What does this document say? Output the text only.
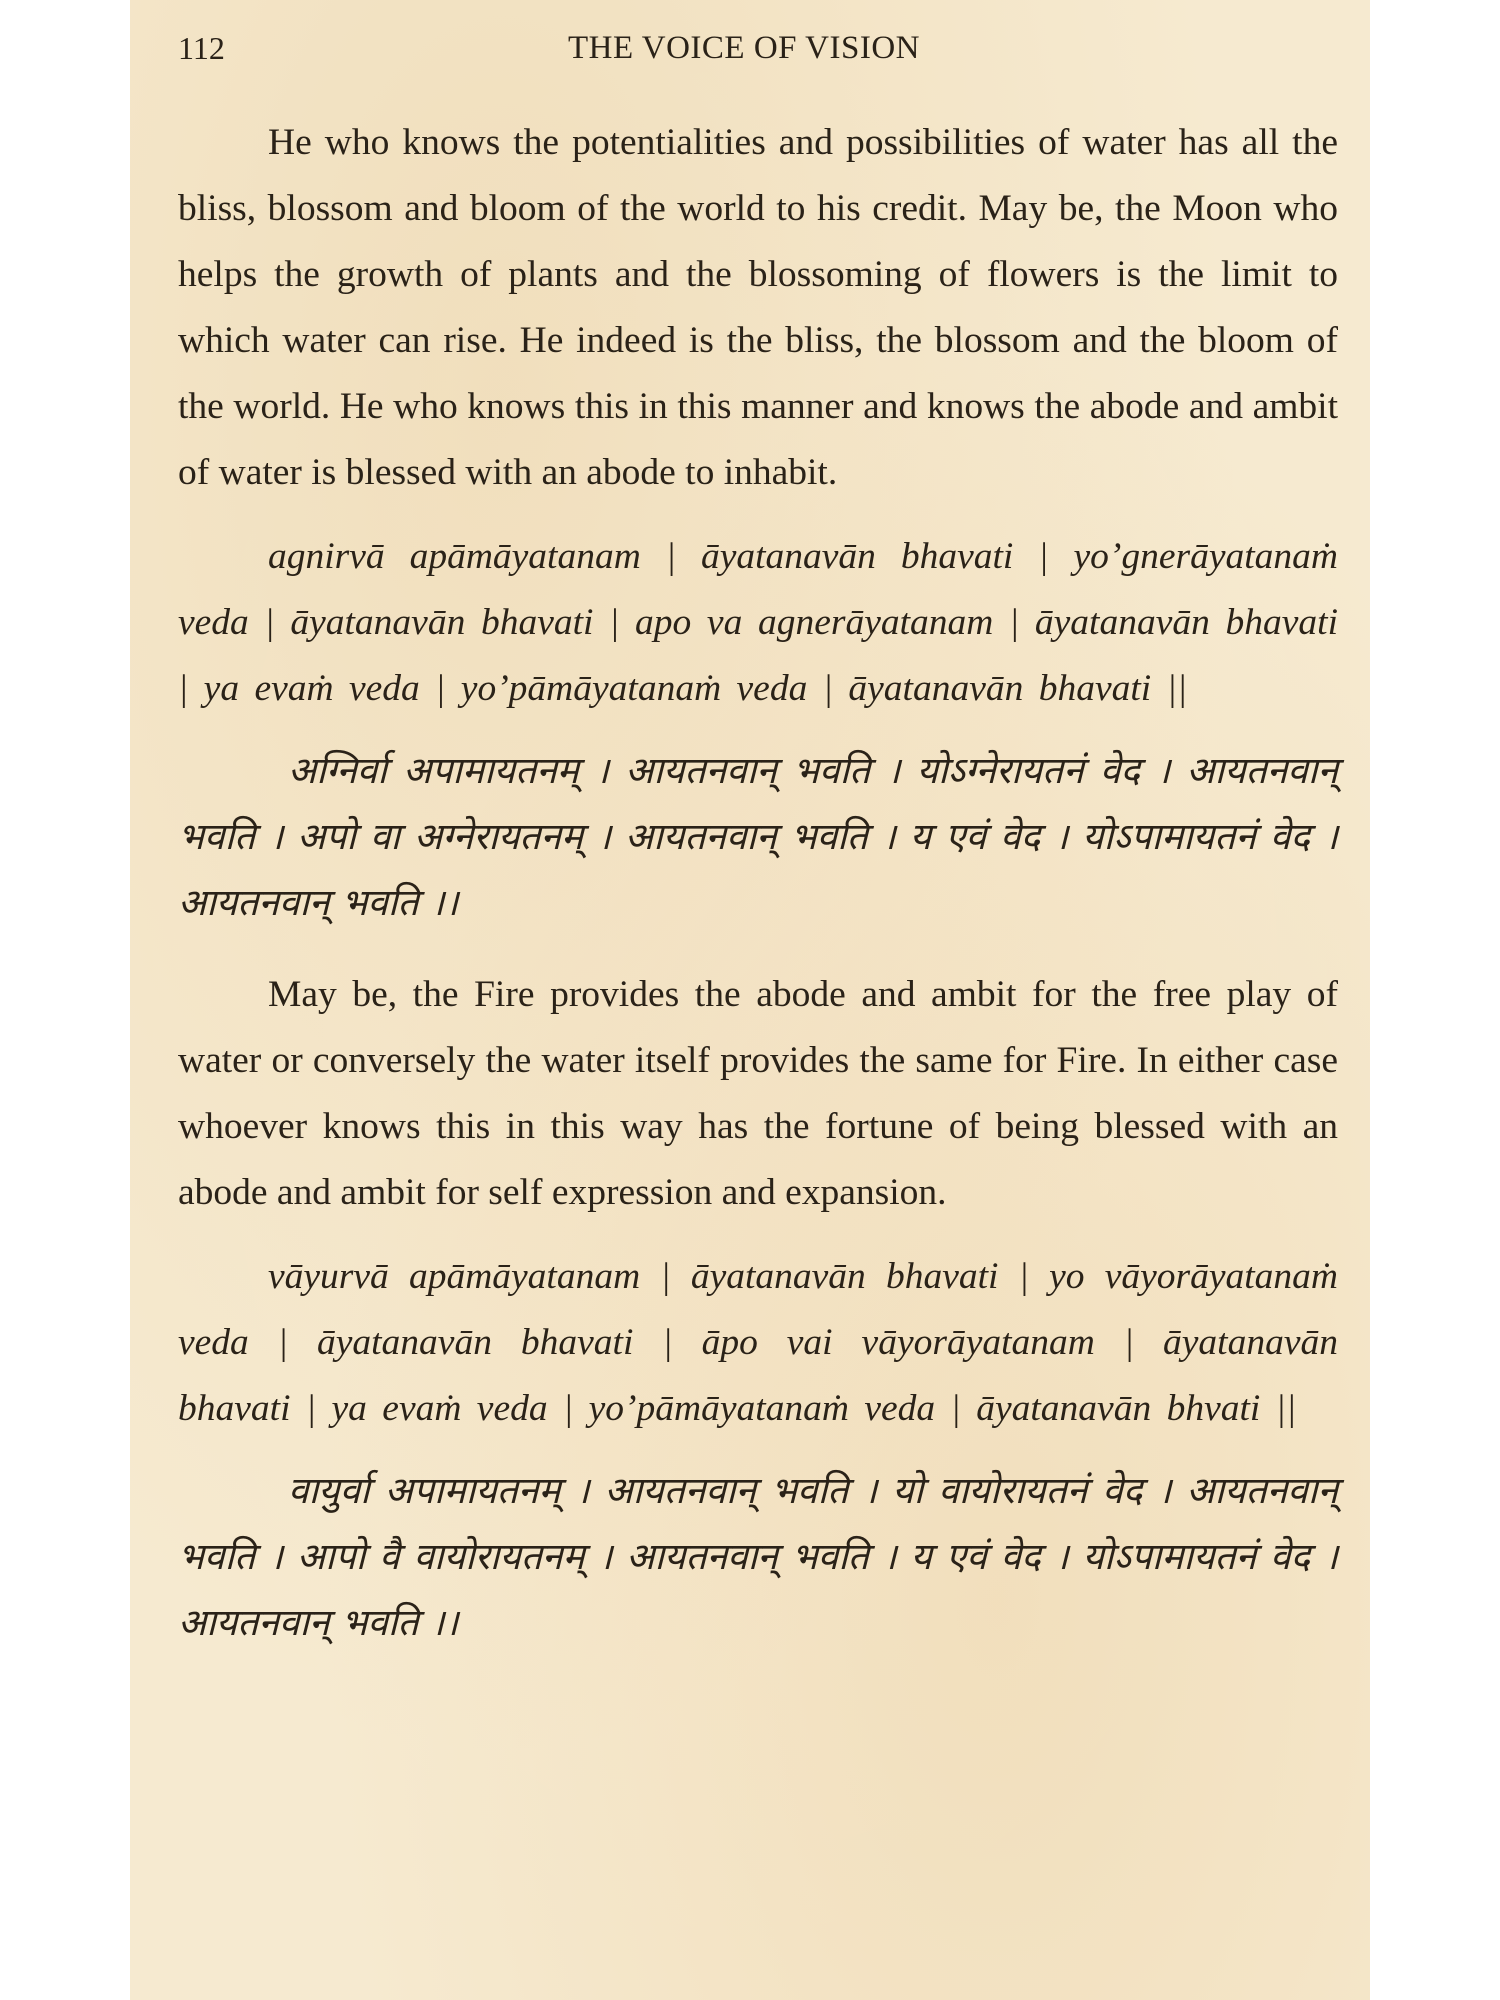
112	THE VOICE OF VISION

He who knows the potentialities and possibilities of water has all the bliss, blossom and bloom of the world to his credit. May be, the Moon who helps the growth of plants and the blossoming of flowers is the limit to which water can rise. He indeed is the bliss, the blossom and the bloom of the world. He who knows this in this manner and knows the abode and ambit of water is blessed with an abode to inhabit.

agnirvā apāmāyatanam | āyatanavān bhavati | yo’gnerāyatanaṁ veda | āyatanavān bhavati | apo va agnerāyatanam | āyatanavān bhavati | ya evaṁ veda | yo’pāmāyatanaṁ veda | āyatanavān bhavati ||

अग्निर्वा अपामायतनम् । आयतनवान् भवति । योऽग्नेरायतनं वेद । आयतनवान् भवति । अपो वा अग्नेरायतनम् । आयतनवान् भवति । य एवं वेद । योऽपामायतनं वेद । आयतनवान् भवति ।।

May be, the Fire provides the abode and ambit for the free play of water or conversely the water itself provides the same for Fire. In either case whoever knows this in this way has the fortune of being blessed with an abode and ambit for self expression and expansion.

vāyurvā apāmāyatanam | āyatanavān bhavati | yo vāyorāyatanaṁ veda | āyatanavān bhavati | āpo vai vāyorāyatanam | āyatanavān bhavati | ya evaṁ veda | yo’pāmāyatanaṁ veda | āyatanavān bhvati ||

वायुर्वा अपामायतनम् । आयतनवान् भवति । यो वायोरायतनं वेद । आयतनवान् भवति । आपो वै वायोरायतनम् । आयतनवान् भवति । य एवं वेद । योऽपामायतनं वेद । आयतनवान् भवति ।।
